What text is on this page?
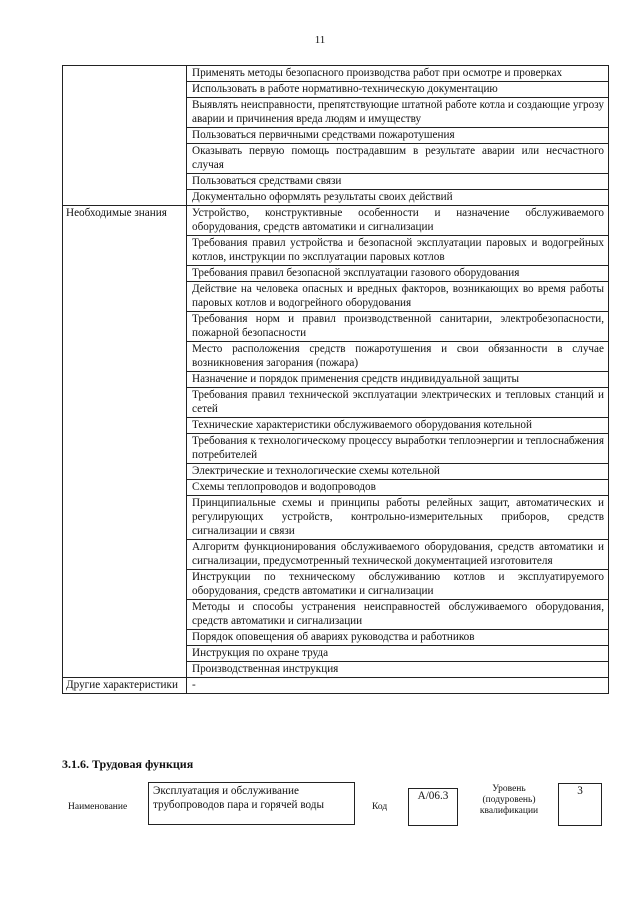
11
	Применять методы безопасного производства работ при осмотре и проверках
	Использовать в работе нормативно-техническую документацию
	Выявлять неисправности, препятствующие штатной работе котла и создающие угрозу аварии и причинения вреда людям и имуществу
	Пользоваться первичными средствами пожаротушения
	Оказывать первую помощь пострадавшим в результате аварии или несчастного случая
	Пользоваться средствами связи
	Документально оформлять результаты своих действий
Необходимые знания	Устройство, конструктивные особенности и назначение обслуживаемого оборудования, средств автоматики и сигнализации
	Требования правил устройства и безопасной эксплуатации паровых и водогрейных котлов, инструкции по эксплуатации паровых котлов
	Требования правил безопасной эксплуатации газового оборудования
	Действие на человека опасных и вредных факторов, возникающих во время работы паровых котлов и водогрейного оборудования
	Требования норм и правил производственной санитарии, электробезопасности, пожарной безопасности
	Место расположения средств пожаротушения и свои обязанности в случае возникновения загорания (пожара)
	Назначение и порядок применения средств индивидуальной защиты
	Требования правил технической эксплуатации электрических и тепловых станций и сетей
	Технические характеристики обслуживаемого оборудования котельной
	Требования к технологическому процессу выработки теплоэнергии и теплоснабжения потребителей
	Электрические и технологические схемы котельной
	Схемы теплопроводов и водопроводов
	Принципиальные схемы и принципы работы релейных защит, автоматических и регулирующих устройств, контрольно-измерительных приборов, средств сигнализации и связи
	Алгоритм функционирования обслуживаемого оборудования, средств автоматики и сигнализации, предусмотренный технической документацией изготовителя
	Инструкции по техническому обслуживанию котлов и эксплуатируемого оборудования, средств автоматики и сигнализации
	Методы и способы устранения неисправностей обслуживаемого оборудования, средств автоматики и сигнализации
	Порядок оповещения об авариях руководства и работников
	Инструкция по охране труда
	Производственная инструкция
Другие характеристики	-
3.1.6. Трудовая функция
Наименование
Эксплуатация и обслуживание трубопроводов пара и горячей воды	Код
А/06.3
Уровень (подуровень) квалификации
3
